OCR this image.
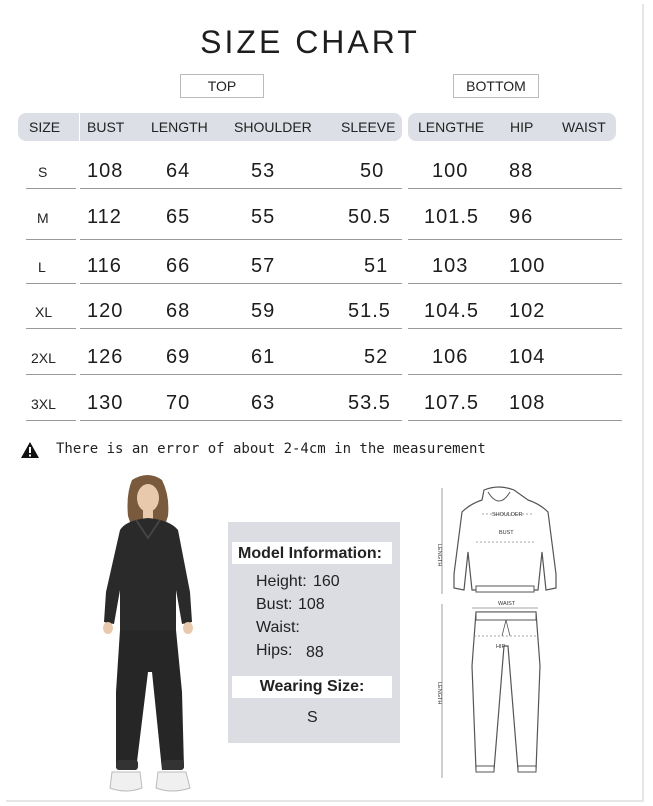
SIZE CHART
TOP	BOTTOM
SIZE BUST LENGTH SHOULDER SLEEVE LENGTHE HIP WAIST
S 108 64	53	50 100 88
M 112 65	55	50.5 101.5 96
L 116 66	57	51 103 100
XL 120 68	59	51.5 104.5 102
2XL 126 69	61	52 106 104
3XL 130 70	63	53.5 107.5 108
There is an error of about 2-4cm in the measurement
Model Information:
Height: 160
Bust: 108
Waist:
Hips: 88
Wearing Size:
S
SHOULDER
BUST
LENGTH
WAIST
HIP
LENGTH
